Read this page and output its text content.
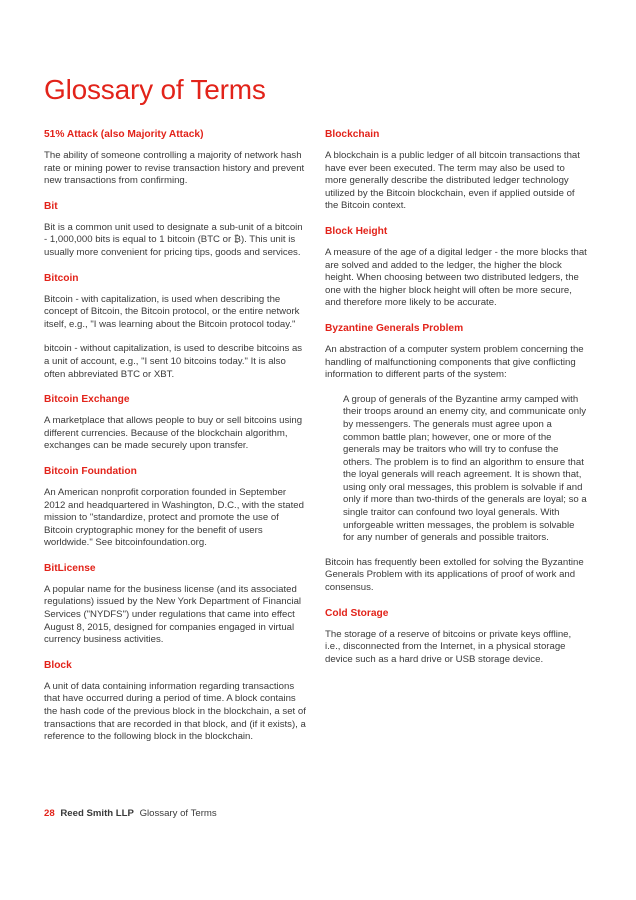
Glossary of Terms
51% Attack (also Majority Attack)

The ability of someone controlling a majority of network hash rate or mining power to revise transaction history and prevent new transactions from confirming.

Bit

Bit is a common unit used to designate a sub-unit of a bitcoin - 1,000,000 bits is equal to 1 bitcoin (BTC or ₿). This unit is usually more convenient for pricing tips, goods and services.

Bitcoin

Bitcoin - with capitalization, is used when describing the concept of Bitcoin, the Bitcoin protocol, or the entire network itself, e.g., "I was learning about the Bitcoin protocol today."

bitcoin - without capitalization, is used to describe bitcoins as a unit of account, e.g., "I sent 10 bitcoins today." It is also often abbreviated BTC or XBT.

Bitcoin Exchange

A marketplace that allows people to buy or sell bitcoins using different currencies. Because of the blockchain algorithm, exchanges can be made securely upon transfer.

Bitcoin Foundation

An American nonprofit corporation founded in September 2012 and headquartered in Washington, D.C., with the stated mission to "standardize, protect and promote the use of Bitcoin cryptographic money for the benefit of users worldwide." See bitcoinfoundation.org.

BitLicense

A popular name for the business license (and its associated regulations) issued by the New York Department of Financial Services ("NYDFS") under regulations that came into effect August 8, 2015, designed for companies engaged in virtual currency business activities.

Block

A unit of data containing information regarding transactions that have occurred during a period of time. A block contains the hash code of the previous block in the blockchain, a set of transactions that are recorded in that block, and (if it exists), a reference to the following block in the blockchain.

Blockchain

A blockchain is a public ledger of all bitcoin transactions that have ever been executed. The term may also be used to more generally describe the distributed ledger technology utilized by the Bitcoin blockchain, even if applied outside of the Bitcoin context.

Block Height

A measure of the age of a digital ledger - the more blocks that are solved and added to the ledger, the higher the block height. When choosing between two distributed ledgers, the one with the higher block height will often be more secure, and therefore more likely to be accurate.

Byzantine Generals Problem

An abstraction of a computer system problem concerning the handling of malfunctioning components that give conflicting information to different parts of the system:

A group of generals of the Byzantine army camped with their troops around an enemy city, and communicate only by messengers. The generals must agree upon a common battle plan; however, one or more of the generals may be traitors who will try to confuse the others. The problem is to find an algorithm to ensure that the loyal generals will reach agreement. It is shown that, using only oral messages, this problem is solvable if and only if more than two-thirds of the generals are loyal; so a single traitor can confound two loyal generals. With unforgeable written messages, the problem is solvable for any number of generals and possible traitors.

Bitcoin has frequently been extolled for solving the Byzantine Generals Problem with its applications of proof of work and consensus.

Cold Storage

The storage of a reserve of bitcoins or private keys offline, i.e., disconnected from the Internet, in a physical storage device such as a hard drive or USB storage device.

28 Reed Smith LLP Glossary of Terms
